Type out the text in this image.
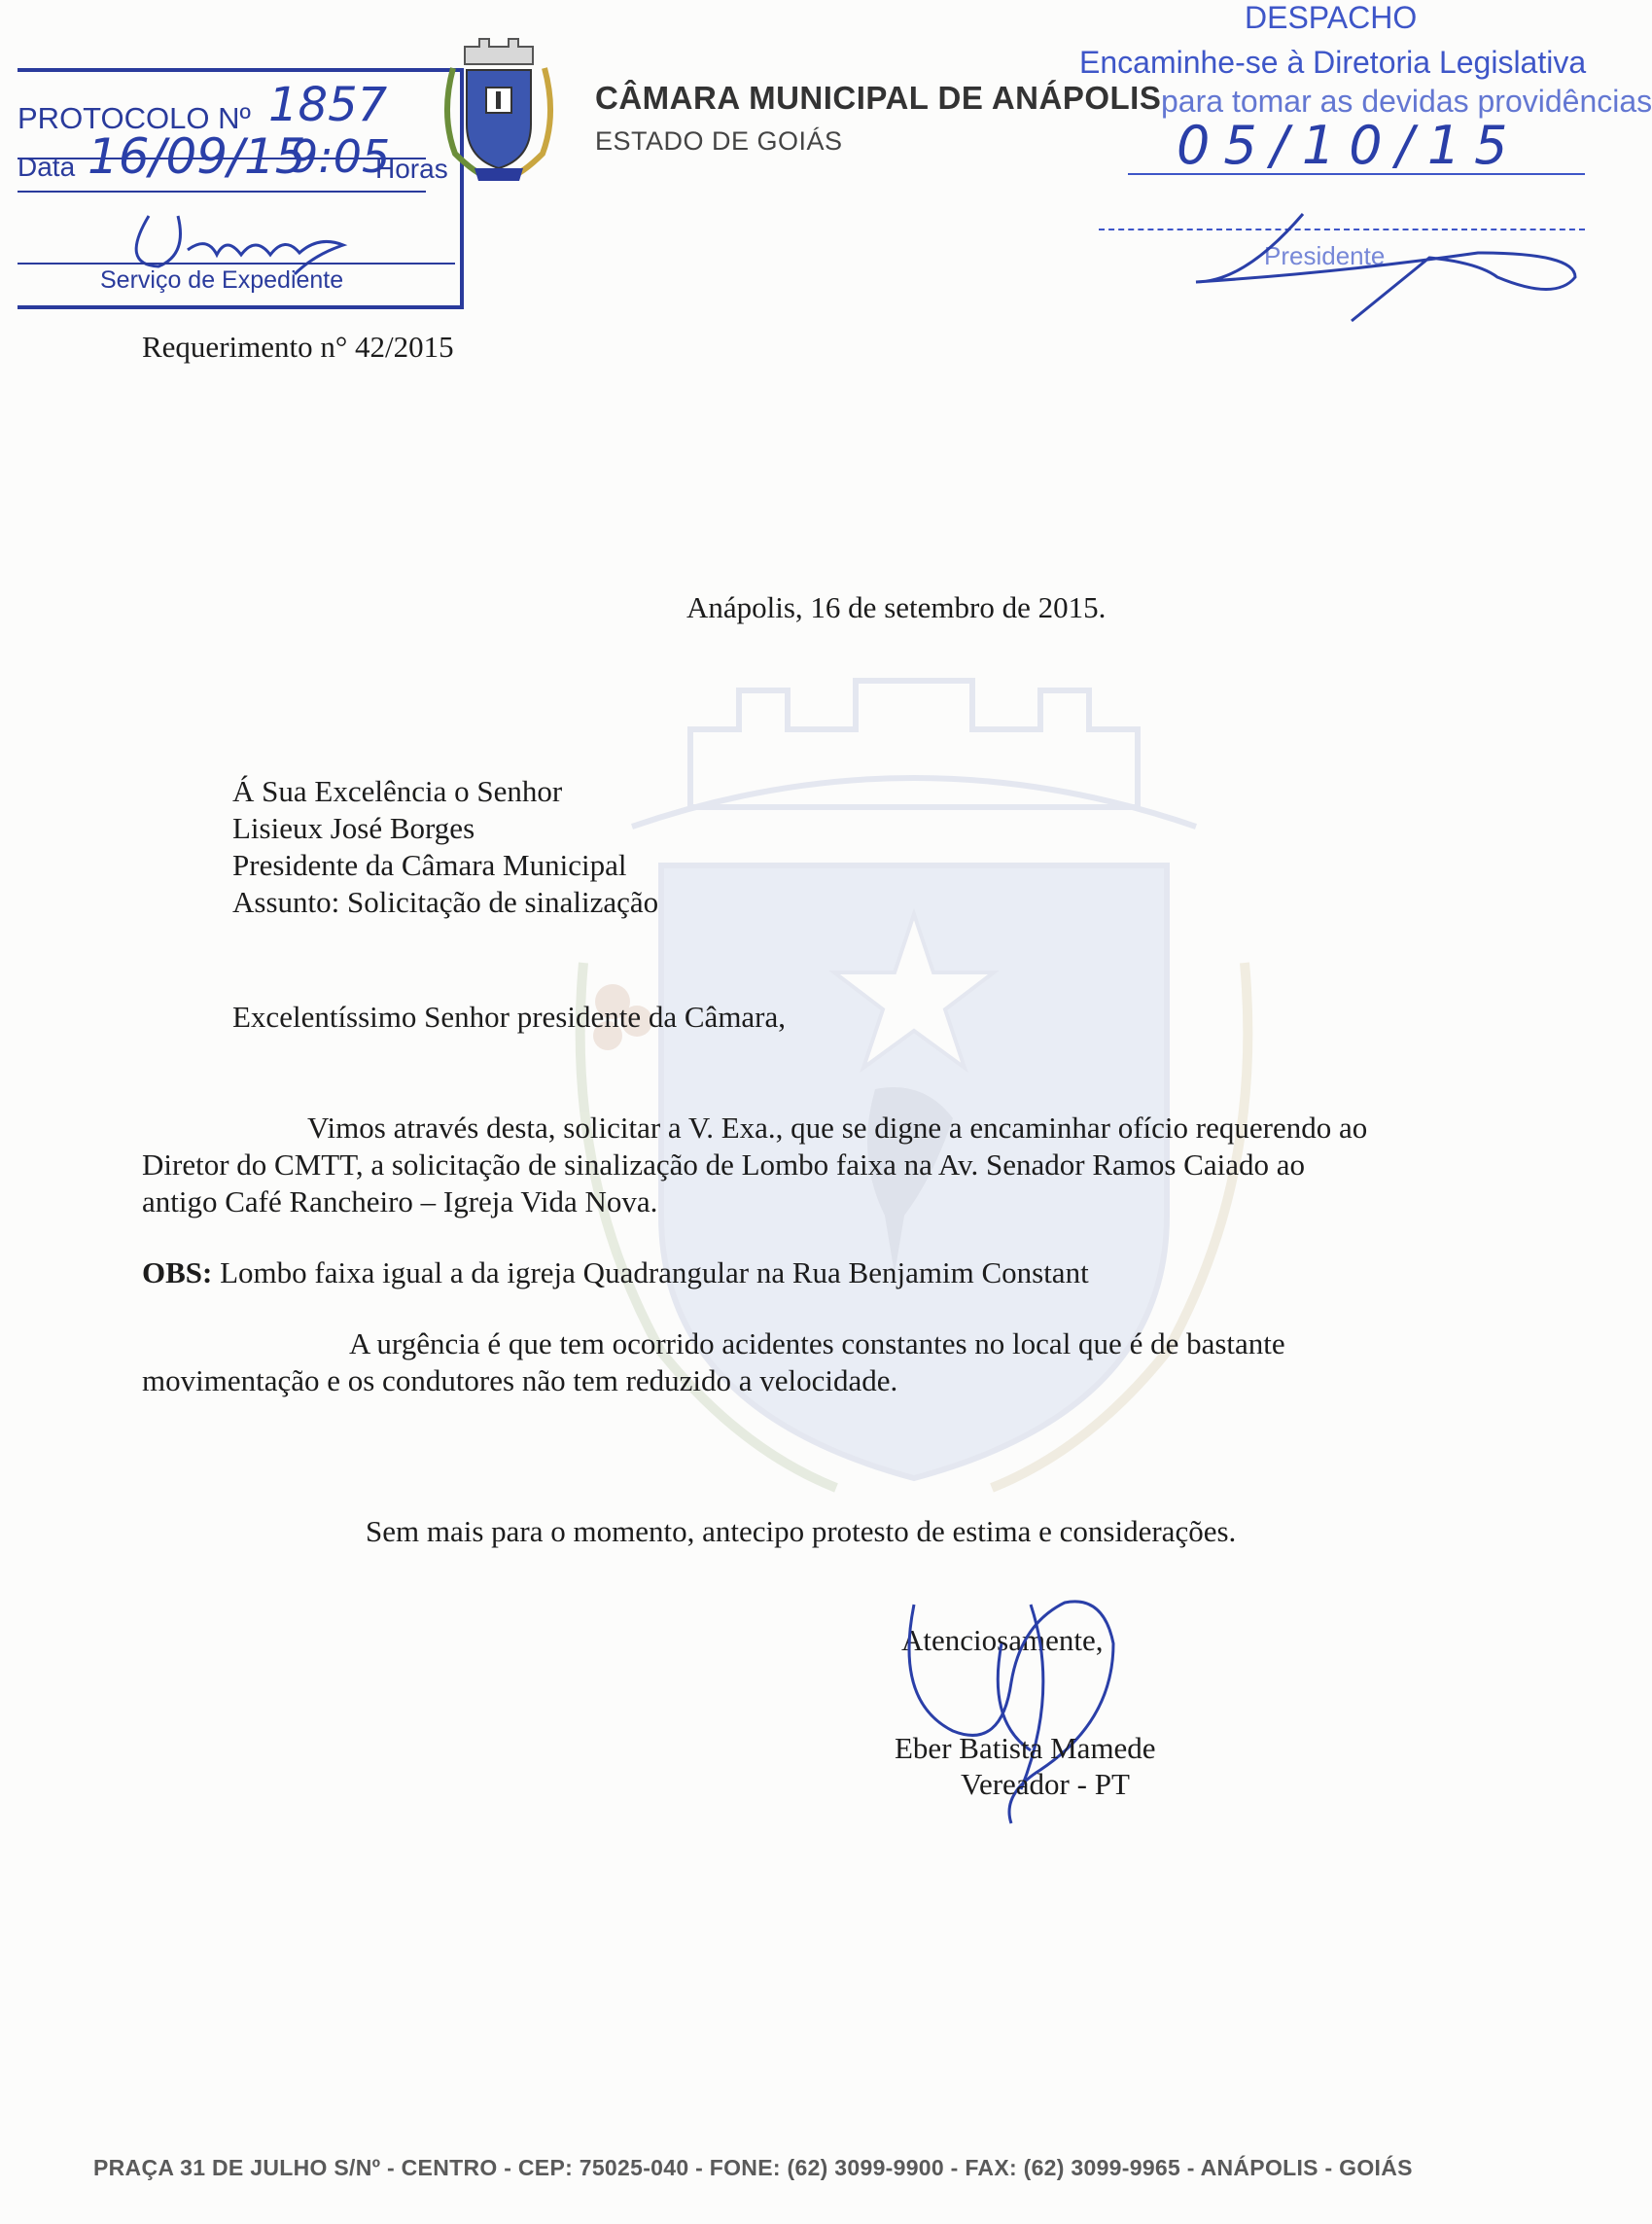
PROTOCOLO Nº 1857
Data 16/09/15
9:05
Horas
Serviço de Expediente
CÂMARA MUNICIPAL DE ANÁPOLIS
ESTADO DE GOIÁS
DESPACHO
Encaminhe-se à Diretoria Legislativa
para tomar as devidas providências
05/10/15
Presidente
Requerimento n° 42/2015
Anápolis, 16 de setembro de 2015.
Á Sua Excelência o Senhor
Lisieux José Borges
Presidente da Câmara Municipal
Assunto: Solicitação de sinalização
Excelentíssimo Senhor presidente da Câmara,
Vimos através desta, solicitar a V. Exa., que se digne a encaminhar ofício requerendo ao
Diretor do CMTT, a solicitação de sinalização de Lombo faixa na Av. Senador Ramos Caiado ao
antigo Café Rancheiro – Igreja Vida Nova.
OBS: Lombo faixa igual a da igreja Quadrangular na Rua Benjamim Constant
A urgência é que tem ocorrido acidentes constantes no local que é de bastante
movimentação e os condutores não tem reduzido a velocidade.
Sem mais para o momento, antecipo protesto de estima e considerações.
Atenciosamente,
Eber Batista Mamede
Vereador - PT
PRAÇA 31 DE JULHO S/Nº - CENTRO - CEP: 75025-040 - FONE: (62) 3099-9900 - FAX: (62) 3099-9965 - ANÁPOLIS - GOIÁS
